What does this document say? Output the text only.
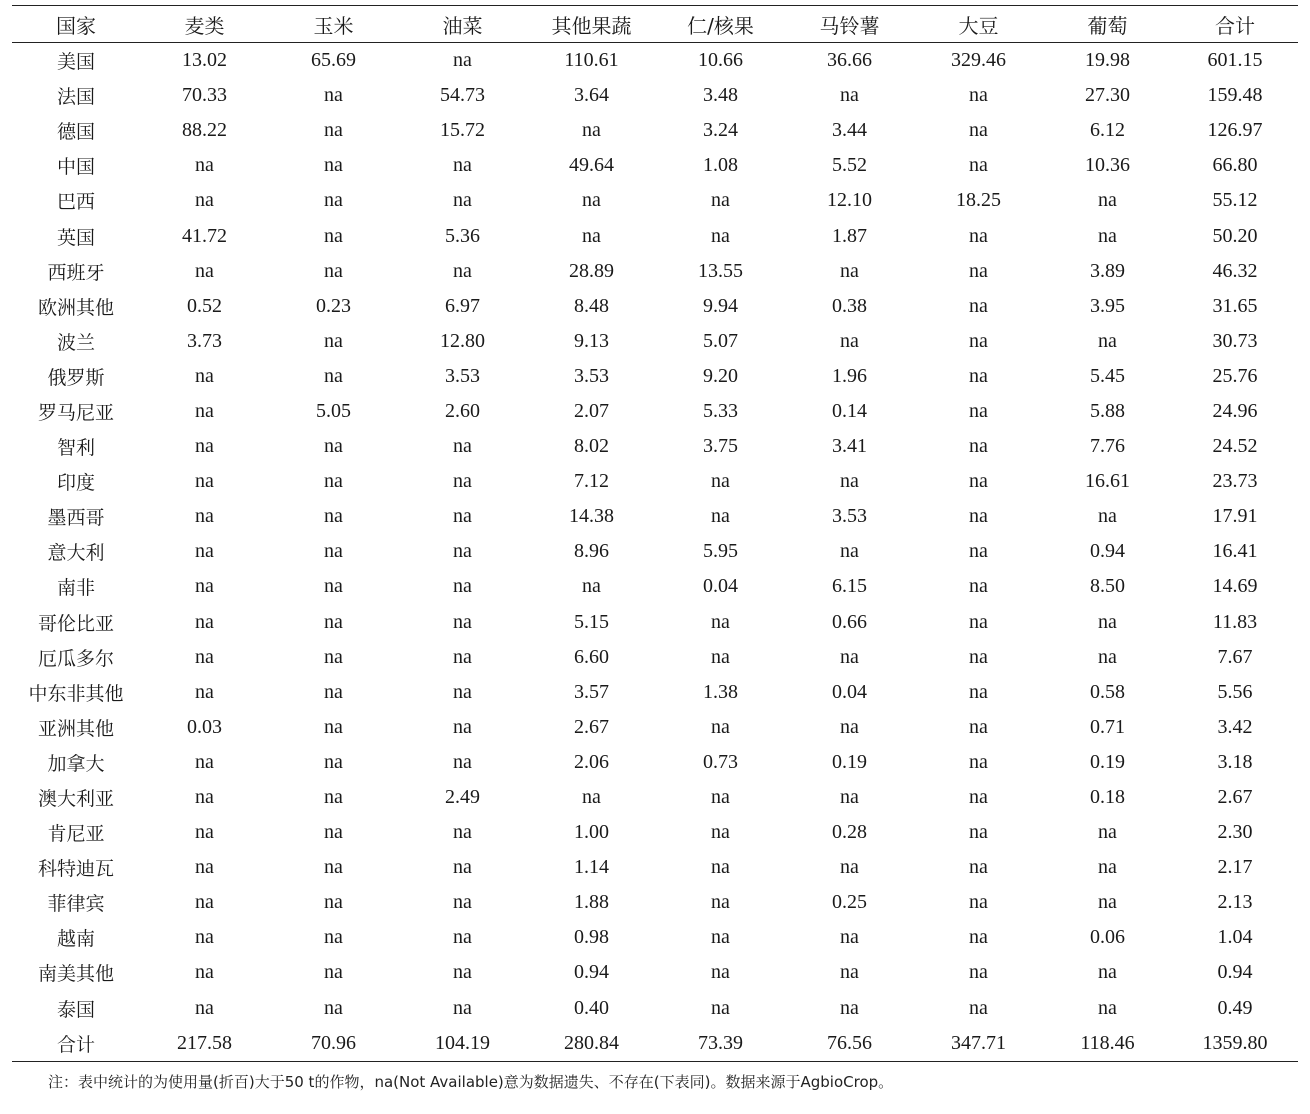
国家	麦类	玉米	油菜	其他果蔬	仁/核果	马铃薯	大豆	葡萄	合计
美国	13.02	65.69	na	110.61	10.66	36.66	329.46	19.98	601.15
法国	70.33	na	54.73	3.64	3.48	na	na	27.30	159.48
德国	88.22	na	15.72	na	3.24	3.44	na	6.12	126.97
中国	na	na	na	49.64	1.08	5.52	na	10.36	66.80
巴西	na	na	na	na	na	12.10	18.25	na	55.12
英国	41.72	na	5.36	na	na	1.87	na	na	50.20
西班牙	na	na	na	28.89	13.55	na	na	3.89	46.32
欧洲其他	0.52	0.23	6.97	8.48	9.94	0.38	na	3.95	31.65
波兰	3.73	na	12.80	9.13	5.07	na	na	na	30.73
俄罗斯	na	na	3.53	3.53	9.20	1.96	na	5.45	25.76
罗马尼亚	na	5.05	2.60	2.07	5.33	0.14	na	5.88	24.96
智利	na	na	na	8.02	3.75	3.41	na	7.76	24.52
印度	na	na	na	7.12	na	na	na	16.61	23.73
墨西哥	na	na	na	14.38	na	3.53	na	na	17.91
意大利	na	na	na	8.96	5.95	na	na	0.94	16.41
南非	na	na	na	na	0.04	6.15	na	8.50	14.69
哥伦比亚	na	na	na	5.15	na	0.66	na	na	11.83
厄瓜多尔	na	na	na	6.60	na	na	na	na	7.67
中东非其他	na	na	na	3.57	1.38	0.04	na	0.58	5.56
亚洲其他	0.03	na	na	2.67	na	na	na	0.71	3.42
加拿大	na	na	na	2.06	0.73	0.19	na	0.19	3.18
澳大利亚	na	na	2.49	na	na	na	na	0.18	2.67
肯尼亚	na	na	na	1.00	na	0.28	na	na	2.30
科特迪瓦	na	na	na	1.14	na	na	na	na	2.17
菲律宾	na	na	na	1.88	na	0.25	na	na	2.13
越南	na	na	na	0.98	na	na	na	0.06	1.04
南美其他	na	na	na	0.94	na	na	na	na	0.94
泰国	na	na	na	0.40	na	na	na	na	0.49
合计	217.58	70.96	104.19	280.84	73.39	76.56	347.71	118.46	1359.80
注：表中统计的为使用量(折百)大于50 t的作物，na(Not Available)意为数据遗失、不存在(下表同)。数据来源于AgbioCrop。
